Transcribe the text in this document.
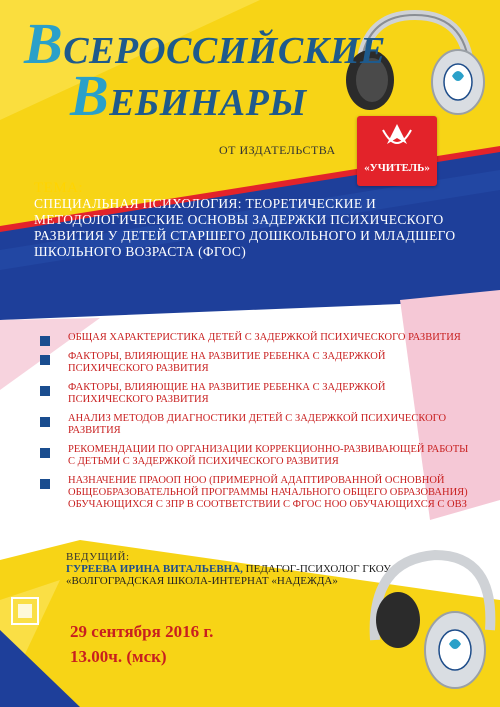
ВСЕРОССИЙСКИЕ
ВЕБИНАРЫ
ОТ ИЗДАТЕЛЬСТВА
«УЧИТЕЛЬ»
ТЕМА:
СПЕЦИАЛЬНАЯ ПСИХОЛОГИЯ: ТЕОРЕТИЧЕСКИЕ И МЕТОДОЛОГИЧЕСКИЕ ОСНОВЫ ЗАДЕРЖКИ ПСИХИЧЕСКОГО РАЗВИТИЯ У ДЕТЕЙ СТАРШЕГО ДОШКОЛЬНОГО И МЛАДШЕГО ШКОЛЬНОГО ВОЗРАСТА (ФГОС)
ОБЩАЯ ХАРАКТЕРИСТИКА ДЕТЕЙ С ЗАДЕРЖКОЙ ПСИХИЧЕСКОГО РАЗВИТИЯ
ФАКТОРЫ, ВЛИЯЮЩИЕ НА РАЗВИТИЕ РЕБЕНКА С ЗАДЕРЖКОЙ ПСИХИЧЕСКОГО РАЗВИТИЯ
ФАКТОРЫ, ВЛИЯЮЩИЕ НА РАЗВИТИЕ РЕБЕНКА С ЗАДЕРЖКОЙ ПСИХИЧЕСКОГО РАЗВИТИЯ
АНАЛИЗ МЕТОДОВ ДИАГНОСТИКИ ДЕТЕЙ С ЗАДЕРЖКОЙ ПСИХИЧЕСКОГО РАЗВИТИЯ
РЕКОМЕНДАЦИИ ПО ОРГАНИЗАЦИИ КОРРЕКЦИОННО-РАЗВИВАЮЩЕЙ РАБОТЫ С ДЕТЬМИ С ЗАДЕРЖКОЙ ПСИХИЧЕСКОГО РАЗВИТИЯ
НАЗНАЧЕНИЕ ПРАООП НОО (ПРИМЕРНОЙ АДАПТИРОВАННОЙ ОСНОВНОЙ ОБЩЕОБРАЗОВАТЕЛЬНОЙ ПРОГРАММЫ НАЧАЛЬНОГО ОБЩЕГО ОБРАЗОВАНИЯ) ОБУЧАЮЩИХСЯ С ЗПР В СООТВЕТСТВИИ С ФГОС НОО ОБУЧАЮЩИХСЯ С ОВЗ
ВЕДУЩИЙ:
ГУРЕЕВА ИРИНА ВИТАЛЬЕВНА, ПЕДАГОГ-ПСИХОЛОГ ГКОУ «ВОЛГОГРАДСКАЯ ШКОЛА-ИНТЕРНАТ «НАДЕЖДА»
29 сентября 2016 г.
13.00ч. (мск)
